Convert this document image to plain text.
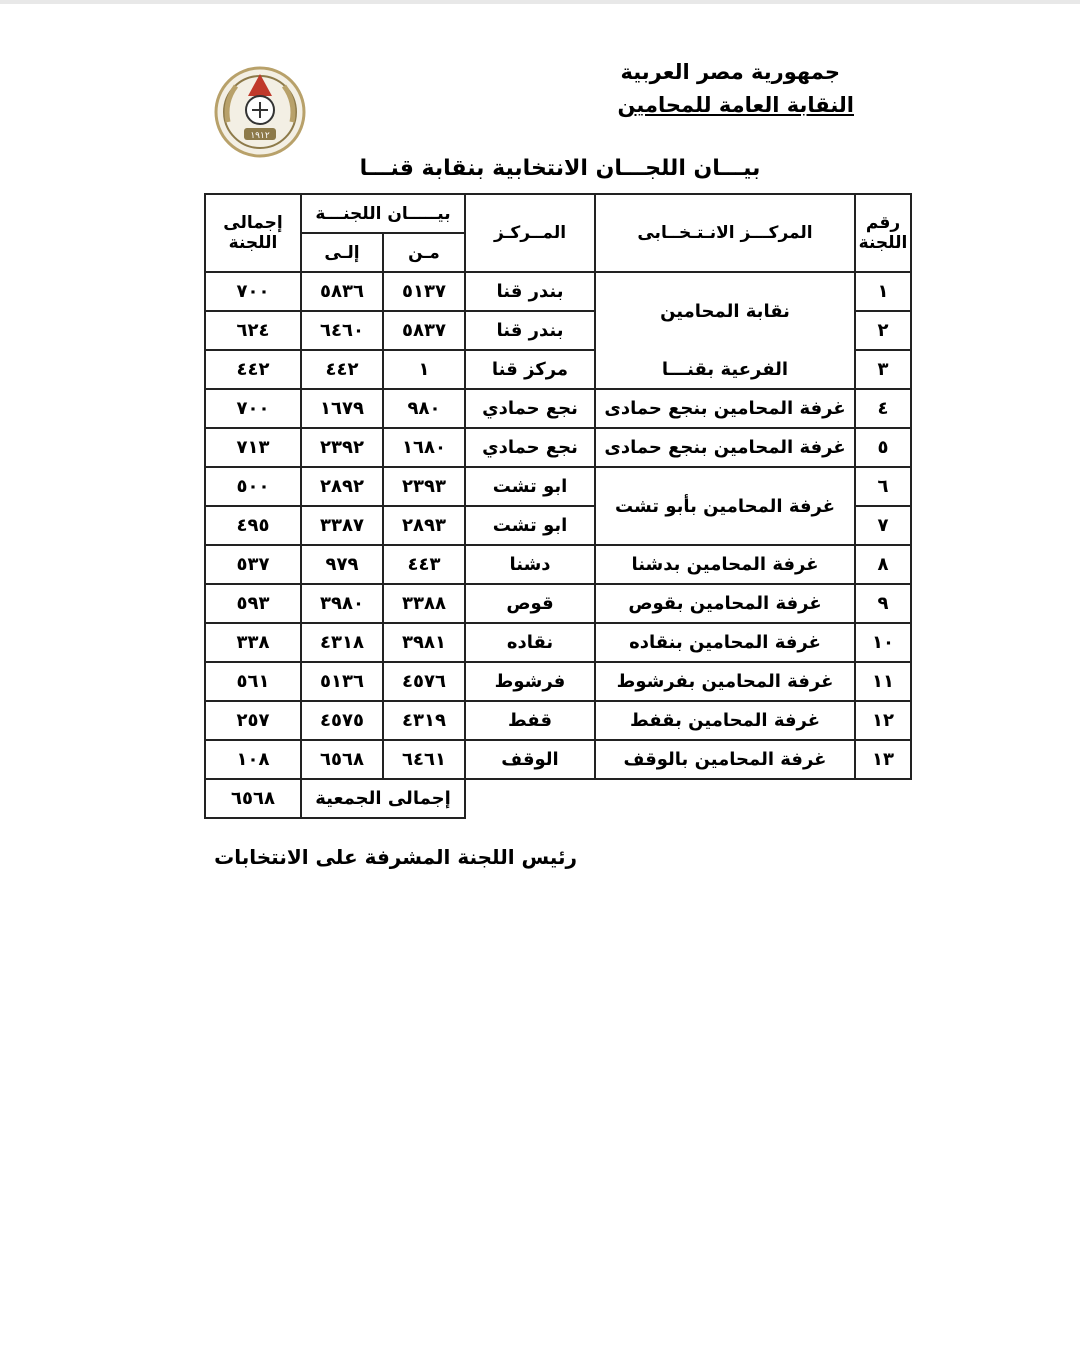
جمهورية مصر العربية
النقابة العامة للمحامين
١٩١٢
بيـــان اللجـــان الانتخابية بنقابة قنـــا
رقم اللجنة	المركـــز الانـتـخــابى	المــركـز	بيـــــان اللجنـــة		إجمالى اللجنة
			مـن	إلـى	
١	نقابة المحامين	بندر قنا	٥١٣٧	٥٨٣٦	٧٠٠
٢		بندر قنا	٥٨٣٧	٦٤٦٠	٦٢٤
٣	الفرعية بقنـــا	مركز قنا	١	٤٤٢	٤٤٢
٤	غرفة المحامين بنجع حمادى	نجع حمادي	٩٨٠	١٦٧٩	٧٠٠
٥	غرفة المحامين بنجع حمادى	نجع حمادي	١٦٨٠	٢٣٩٢	٧١٣
٦	غرفة المحامين بأبو تشت	ابو تشت	٢٣٩٣	٢٨٩٢	٥٠٠
٧		ابو تشت	٢٨٩٣	٣٣٨٧	٤٩٥
٨	غرفة المحامين بدشنا	دشنا	٤٤٣	٩٧٩	٥٣٧
٩	غرفة المحامين بقوص	قوص	٣٣٨٨	٣٩٨٠	٥٩٣
١٠	غرفة المحامين بنقاده	نقاده	٣٩٨١	٤٣١٨	٣٣٨
١١	غرفة المحامين بفرشوط	فرشوط	٤٥٧٦	٥١٣٦	٥٦١
١٢	غرفة المحامين بقفط	قفط	٤٣١٩	٤٥٧٥	٢٥٧
١٣	غرفة المحامين بالوقف	الوقف	٦٤٦١	٦٥٦٨	١٠٨
			إجمالى الجمعية		٦٥٦٨
رئيس اللجنة المشرفة على الانتخابات
